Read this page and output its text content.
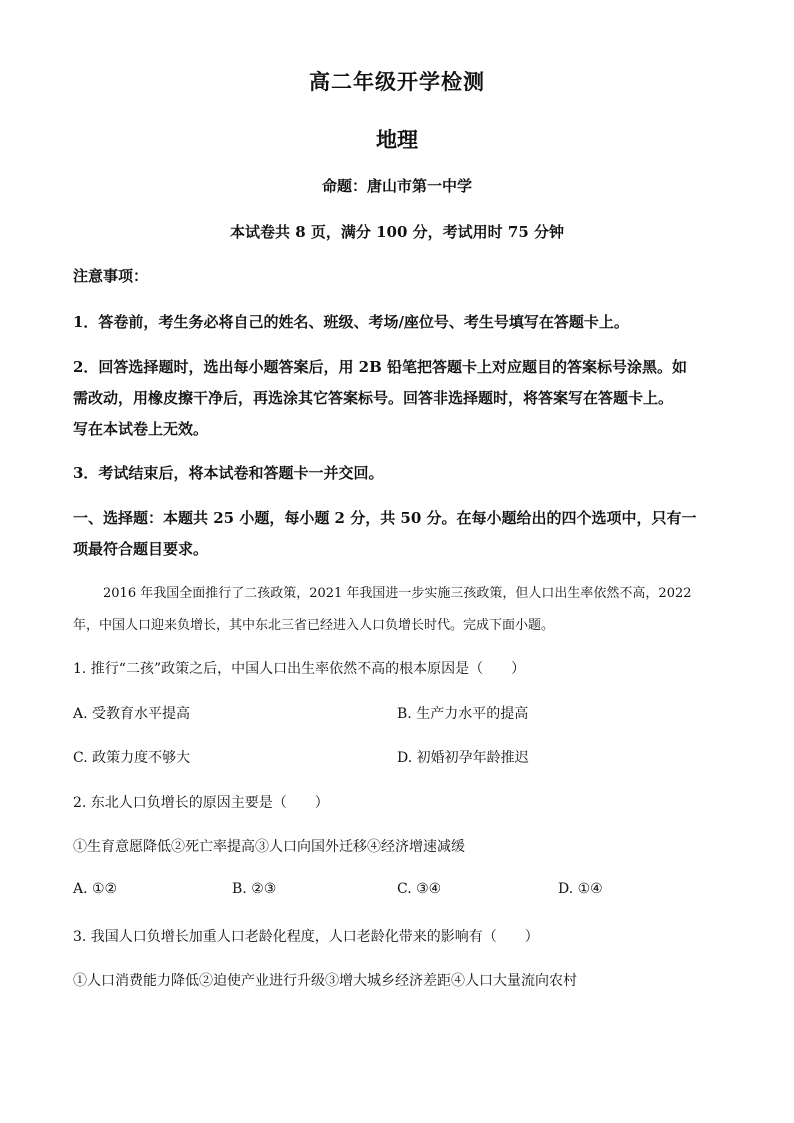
高二年级开学检测
地理
命题：唐山市第一中学
本试卷共 8 页，满分 100 分，考试用时 75 分钟
注意事项：
1．答卷前，考生务必将自己的姓名、班级、考场/座位号、考生号填写在答题卡上。
2．回答选择题时，选出每小题答案后，用 2B 铅笔把答题卡上对应题目的答案标号涂黑。如
需改动，用橡皮擦干净后，再选涂其它答案标号。回答非选择题时，将答案写在答题卡上。
写在本试卷上无效。
3．考试结束后，将本试卷和答题卡一并交回。
一、选择题：本题共 25 小题，每小题 2 分，共 50 分。在每小题给出的四个选项中，只有一
项最符合题目要求。
2016 年我国全面推行了二孩政策，2021 年我国进一步实施三孩政策，但人口出生率依然不高，2022
年，中国人口迎来负增长，其中东北三省已经进入人口负增长时代。完成下面小题。
1. 推行“二孩”政策之后，中国人口出生率依然不高的根本原因是（　　）
A. 受教育水平提高	B. 生产力水平的提高
C. 政策力度不够大	D. 初婚初孕年龄推迟
2. 东北人口负增长的原因主要是（　　）
①生育意愿降低②死亡率提高③人口向国外迁移④经济增速减缓
A. ①②	B. ②③	C. ③④	D. ①④
3. 我国人口负增长加重人口老龄化程度，人口老龄化带来的影响有（　　）
①人口消费能力降低②迫使产业进行升级③增大城乡经济差距④人口大量流向农村
